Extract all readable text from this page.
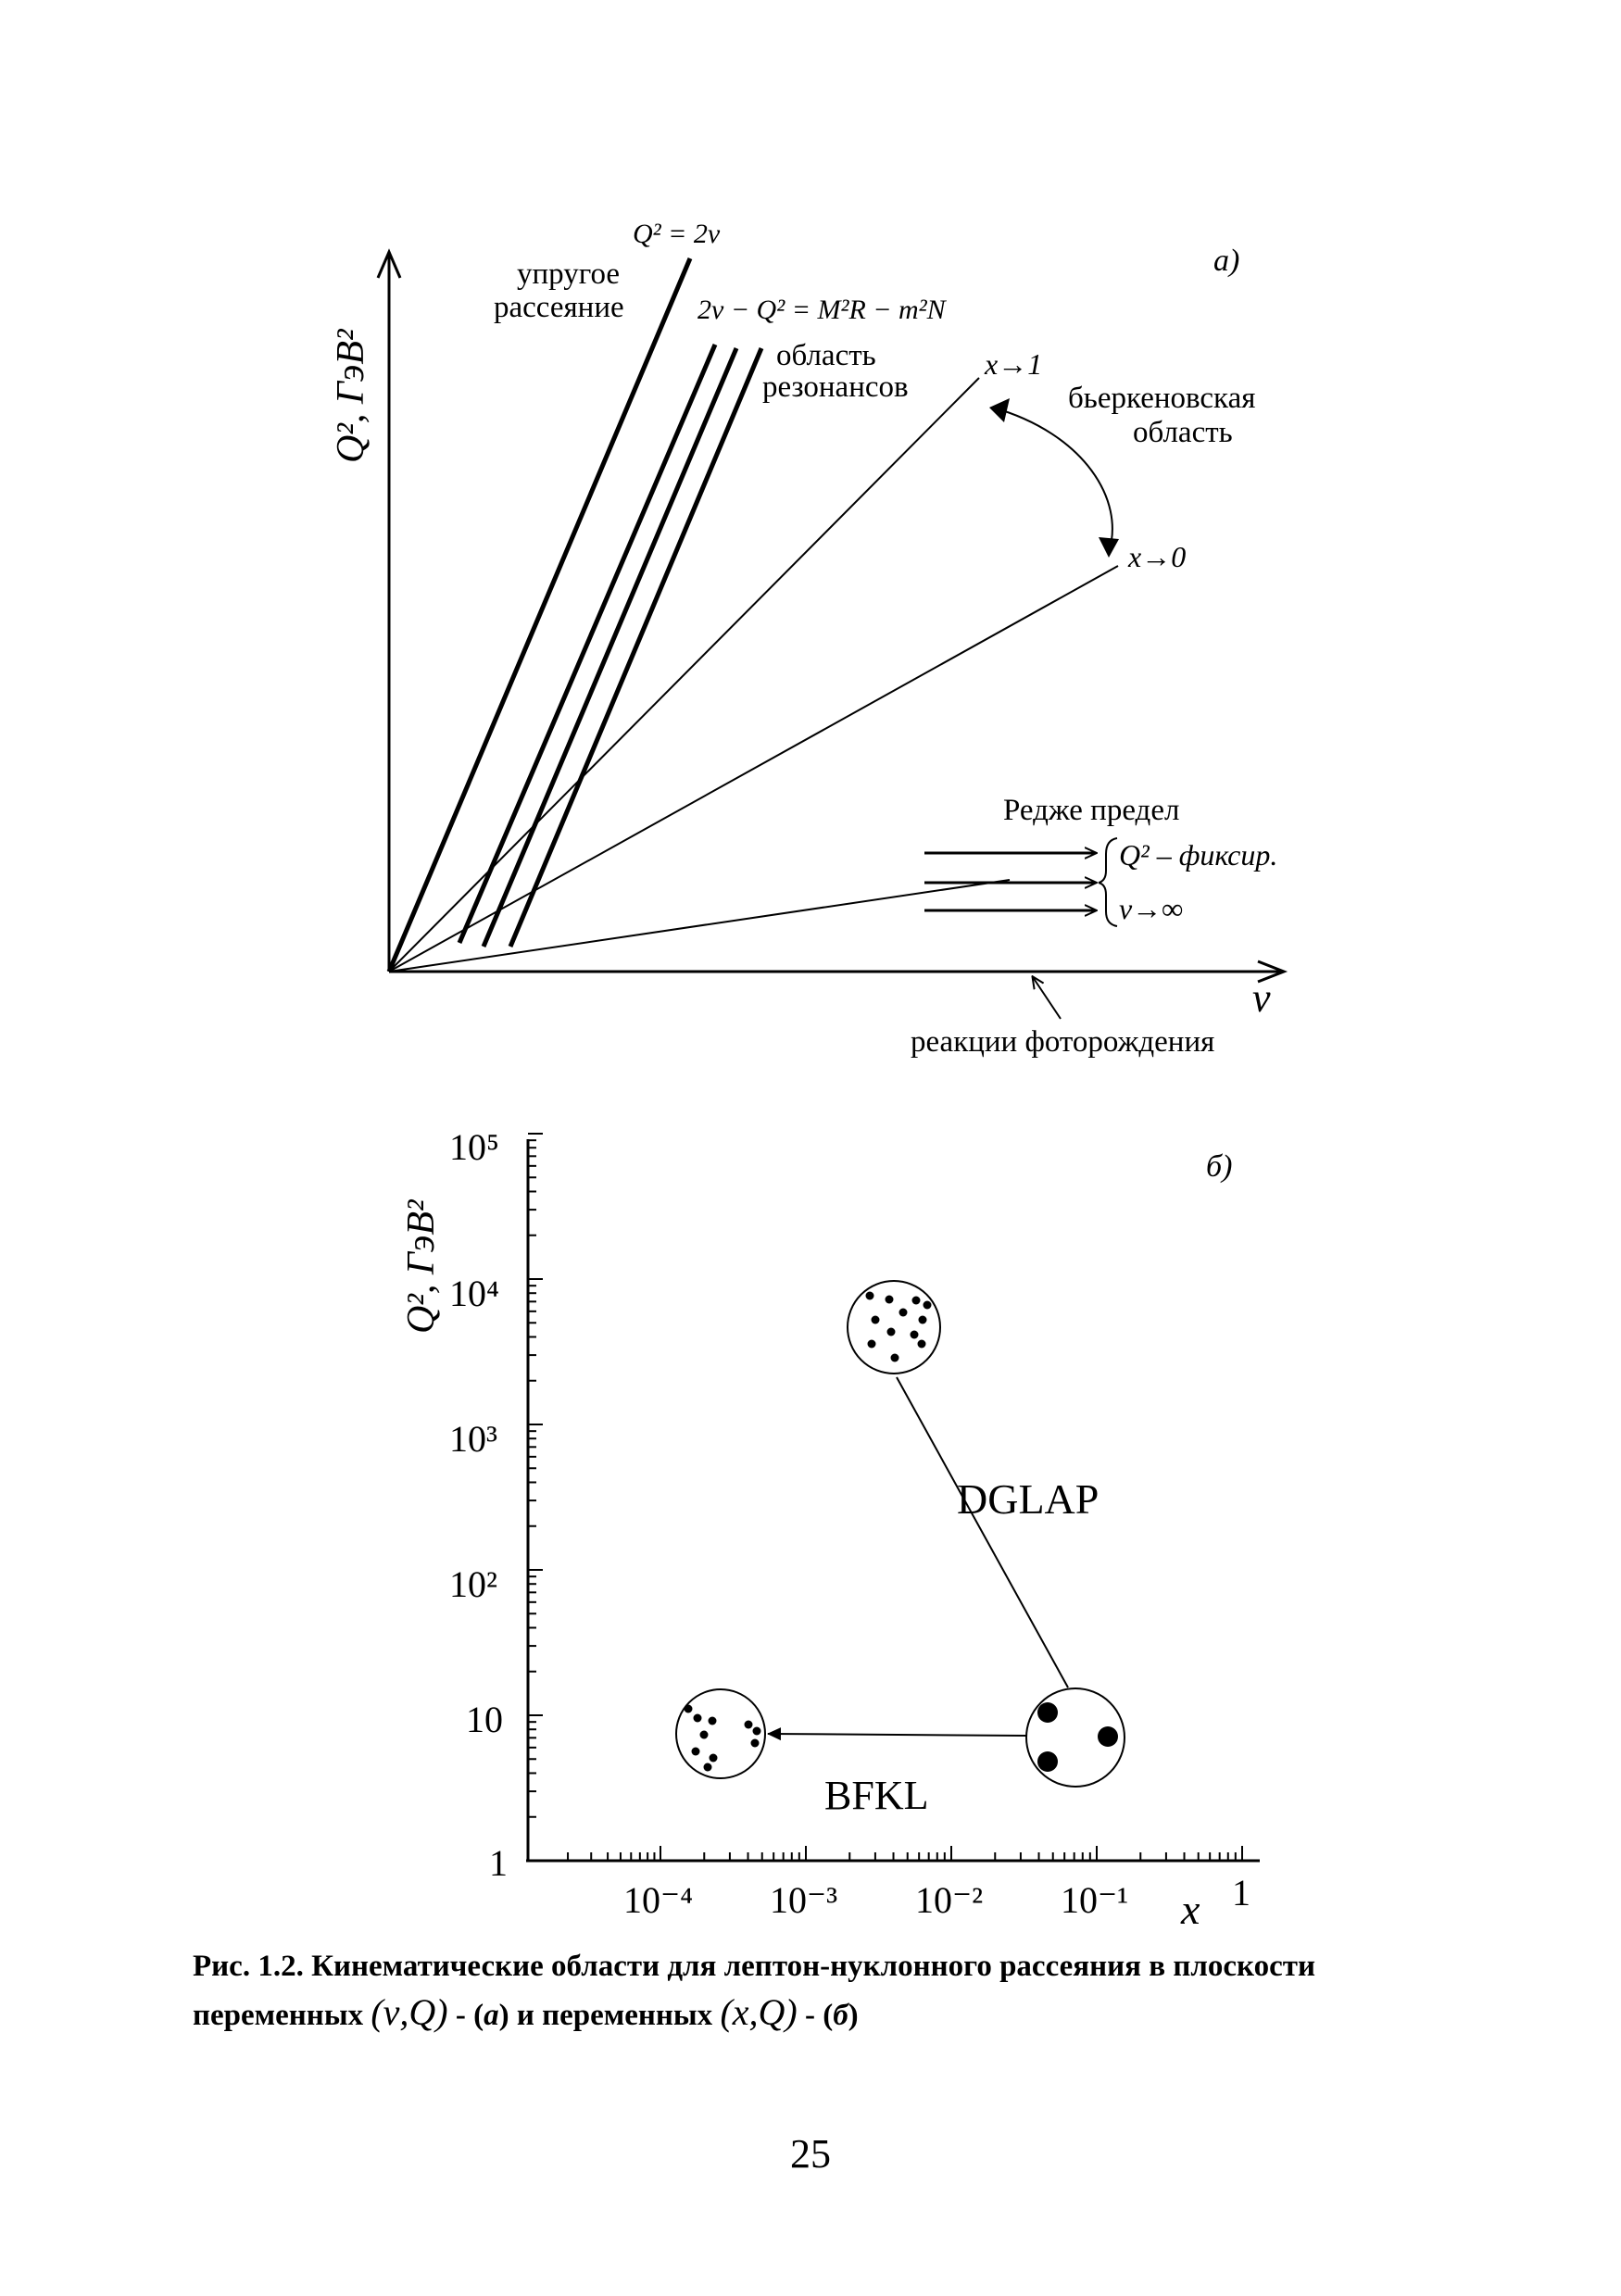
а)
Q², ГэВ²
ν
Q² = 2ν
упругое
рассеяние	2ν − Q² = M²R − m²N
область
резонансов
x→1
бьеркеновская
область
x→0
Редже предел
Q² – фиксир.
ν→∞
реакции фоторождения
10⁵
10⁴
10³
10²
10
1
10⁻⁴ 10⁻³ 10⁻² 10⁻¹	1
x
Q², ГэВ²
б)
DGLAP
BFKL
Рис. 1.2. Кинематические области для лептон-нуклонного рассеяния в плоскости
переменных (ν,Q) - (а) и переменных (x,Q) - (б)
25
